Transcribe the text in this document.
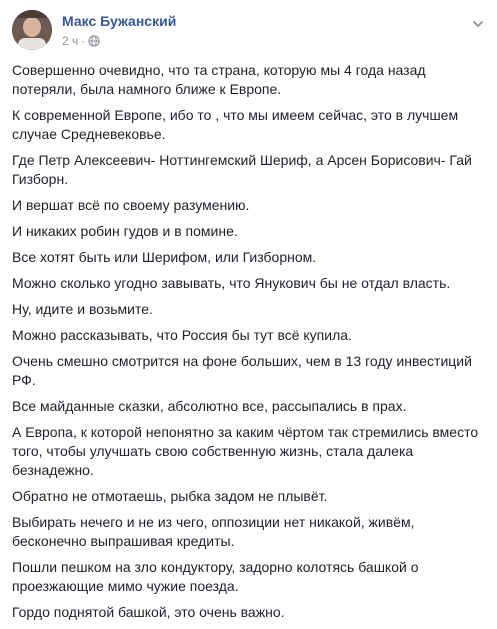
Макс Бужанский
2 ч ·

Совершенно очевидно, что та страна, которую мы 4 года назад потеряли, была намного ближе к Европе.

К современной Европе, ибо то , что мы имеем сейчас, это в лучшем случае Средневековье.

Где Петр Алексеевич- Ноттингемский Шериф, а Арсен Борисович- Гай Гизборн.

И вершат всё по своему разумению.

И никаких робин гудов и в помине.

Все хотят быть или Шерифом, или Гизборном.

Можно сколько угодно завывать, что Янукович бы не отдал власть.

Ну, идите и возьмите.

Можно рассказывать, что Россия бы тут всё купила.

Очень смешно смотрится на фоне больших, чем в 13 году инвестиций РФ.

Все майданные сказки, абсолютно все, рассыпались в прах.

А Европа, к которой непонятно за каким чёртом так стремились вместо того, чтобы улучшать свою собственную жизнь, стала далека безнадежно.

Обратно не отмотаешь, рыбка задом не плывёт.

Выбирать нечего и не из чего, оппозиции нет никакой, живём, бесконечно выпрашивая кредиты.

Пошли пешком на зло кондуктору, задорно колотясь башкой о проезжающие мимо чужие поезда.

Гордо поднятой башкой, это очень важно.
